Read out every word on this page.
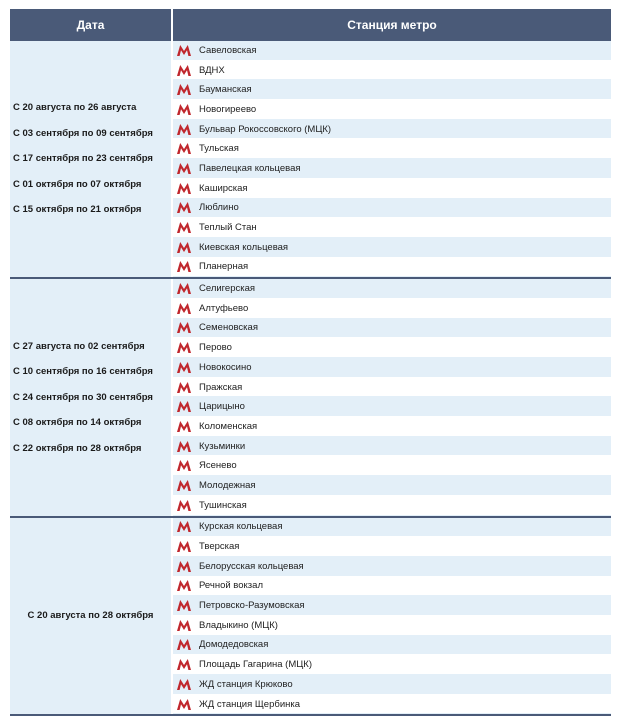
Дата	Станция метро
С 20 августа по 26 августа
С 03 сентября по 09 сентября
С 17 сентября по 23 сентября
С 01 октября по 07 октября
С 15 октября по 21 октября
Савеловская
ВДНХ
Бауманская
Новогиреево
Бульвар Рокоссовского (МЦК)
Тульская
Павелецкая кольцевая
Каширская
Люблино
Теплый Стан
Киевская кольцевая
Планерная
С 27 августа по 02 сентября
С 10 сентября по 16 сентября
С 24 сентября по 30 сентября
С 08 октября по 14 октября
С 22 октября по 28 октября
Селигерская
Алтуфьево
Семеновская
Перово
Новокосино
Пражская
Царицыно
Коломенская
Кузьминки
Ясенево
Молодежная
Тушинская
С 20 августа по 28 октября
Курская кольцевая
Тверская
Белорусская кольцевая
Речной вокзал
Петровско-Разумовская
Владыкино (МЦК)
Домодедовская
Площадь Гагарина (МЦК)
ЖД станция Крюково
ЖД станция Щербинка
